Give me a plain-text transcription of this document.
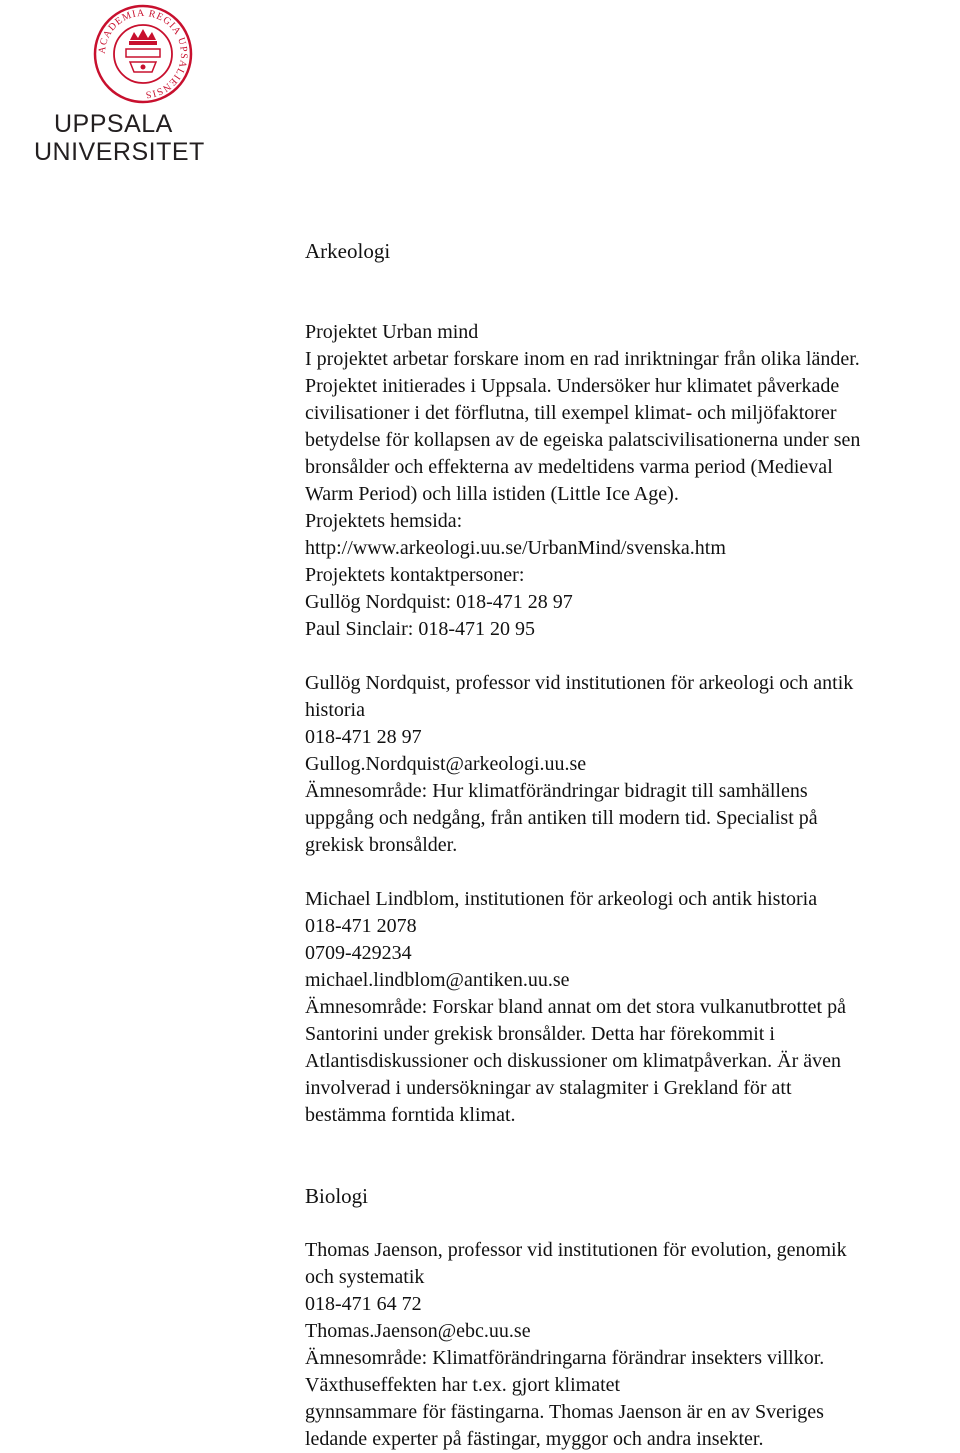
ACADEMIA REGIA UPSALIENSIS
UPPSALA
UNIVERSITET

Arkeologi

Projektet Urban mind

I projektet arbetar forskare inom en rad inriktningar från olika länder.

Projektet initierades i Uppsala. Undersöker hur klimatet påverkade

civilisationer i det förflutna, till exempel klimat- och miljöfaktorer

betydelse för kollapsen av de egeiska palatscivilisationerna under sen

bronsålder och effekterna av medeltidens varma period (Medieval

Warm Period) och lilla istiden (Little Ice Age).

Projektets hemsida:

http://www.arkeologi.uu.se/UrbanMind/svenska.htm

Projektets kontaktpersoner:

Gullög Nordquist: 018-471 28 97

Paul Sinclair: 018-471 20 95

Gullög Nordquist, professor vid institutionen för arkeologi och antik

historia

018-471 28 97

Gullog.Nordquist@arkeologi.uu.se

Ämnesområde: Hur klimatförändringar bidragit till samhällens

uppgång och nedgång, från antiken till modern tid. Specialist på

grekisk bronsålder.

Michael Lindblom, institutionen för arkeologi och antik historia

018-471 2078

0709-429234

michael.lindblom@antiken.uu.se

Ämnesområde: Forskar bland annat om det stora vulkanutbrottet på

Santorini under grekisk bronsålder. Detta har förekommit i

Atlantisdiskussioner och diskussioner om klimatpåverkan. Är även

involverad i undersökningar av stalagmiter i Grekland för att

bestämma forntida klimat.

Biologi

Thomas Jaenson, professor vid institutionen för evolution, genomik

och systematik

018-471 64 72

Thomas.Jaenson@ebc.uu.se

Ämnesområde: Klimatförändringarna förändrar insekters villkor.

Växthuseffekten har t.ex. gjort klimatet

gynnsammare för fästingarna. Thomas Jaenson är en av Sveriges

ledande experter på fästingar, myggor och andra insekter.
